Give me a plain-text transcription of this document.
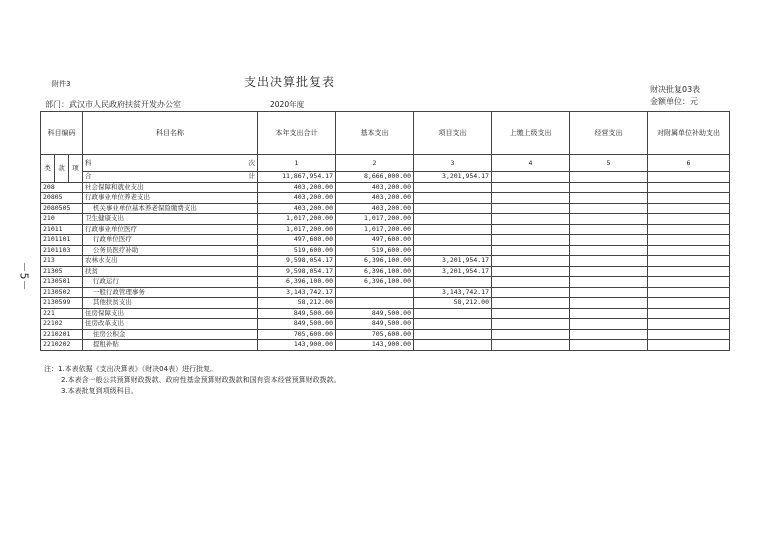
附件3	支出决算批复表
财决批复03表
金额单位：元
部门：武汉市人民政府扶贫开发办公室	2020年度
－5－
科目编码			科目名称	本年支出合计	基本支出	项目支出	上缴上级支出	经营支出	对附属单位补助支出
类	款	项	科 次	1	2	3	4	5	6
			合 计	11,867,954.17	8,666,000.00	3,201,954.17			
208			社会保障和就业支出	403,200.00	403,200.00				
20805			行政事业单位养老支出	403,200.00	403,200.00				
2080505			机关事业单位基本养老保险缴费支出	403,200.00	403,200.00				
210			卫生健康支出	1,017,200.00	1,017,200.00				
21011			行政事业单位医疗	1,017,200.00	1,017,200.00				
2101101			行政单位医疗	497,600.00	497,600.00				
2101103			公务员医疗补助	519,600.00	519,600.00				
213			农林水支出	9,598,054.17	6,396,100.00	3,201,954.17			
21305			扶贫	9,598,054.17	6,396,100.00	3,201,954.17			
2130501			行政运行	6,396,100.00	6,396,100.00				
2130502			一般行政管理事务	3,143,742.17		3,143,742.17			
2130599			其他扶贫支出	58,212.00		58,212.00			
221			住房保障支出	849,500.00	849,500.00				
22102			住房改革支出	849,500.00	849,500.00				
2210201			住房公积金	705,600.00	705,600.00				
2210202			提租补贴	143,900.00	143,900.00				
注：1.本表依据《支出决算表》（财决04表）进行批复。
2.本表含一般公共预算财政拨款、政府性基金预算财政拨款和国有资本经营预算财政拨款。
3.本表批复到项级科目。
